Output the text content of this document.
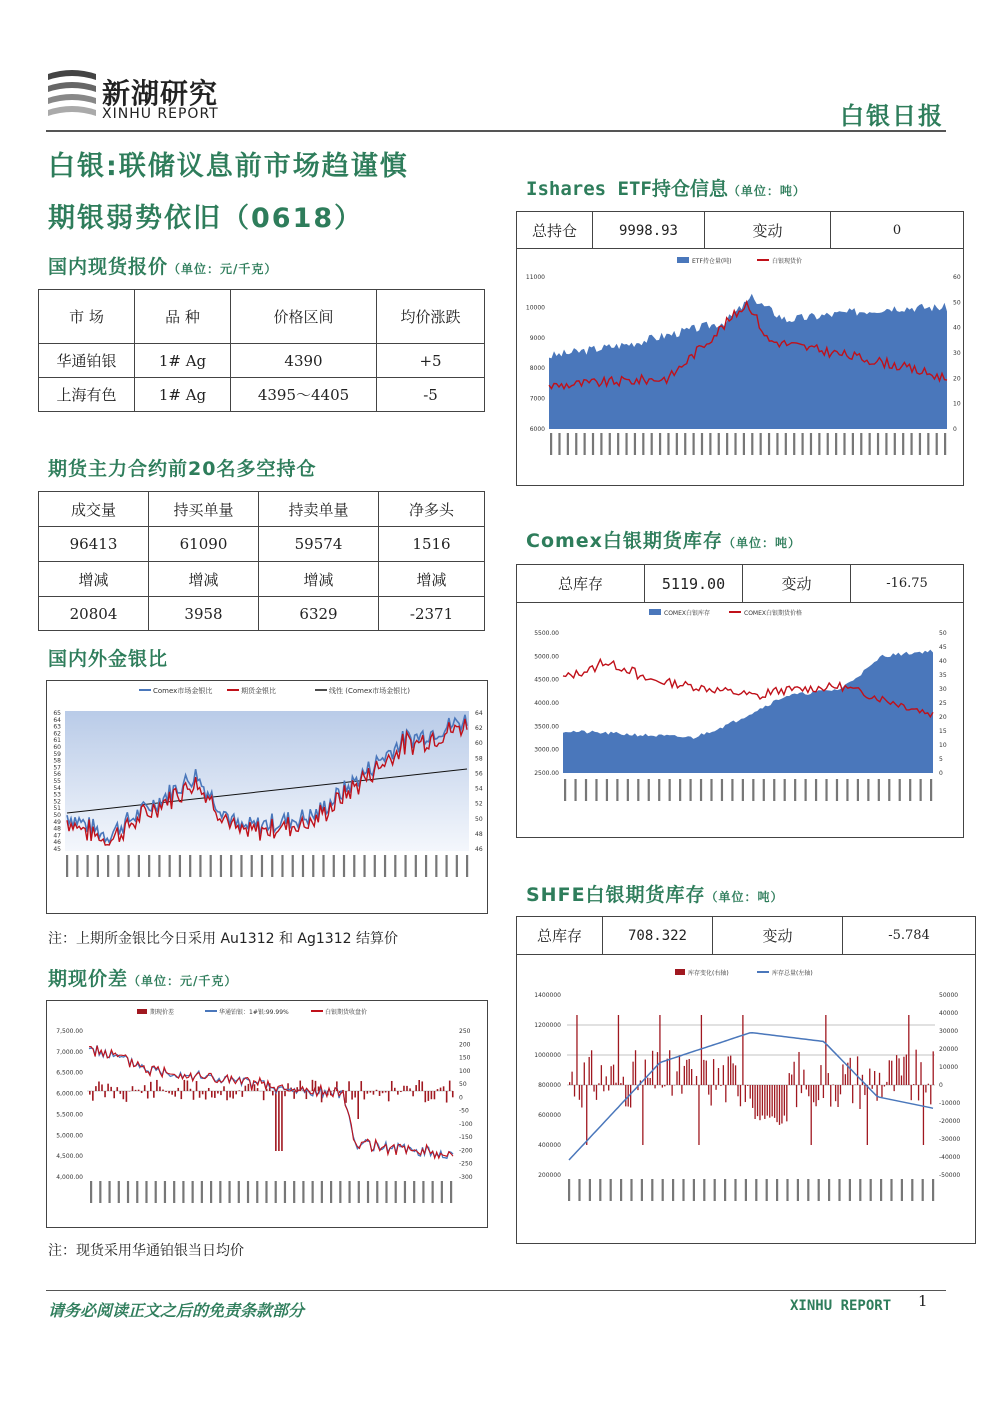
新湖研究
XINHU REPORT	白银日报
白银:联储议息前市场趋谨慎
期银弱势依旧（0618）
国内现货报价（单位：元/千克）
市 场	品 种	价格区间	均价涨跌
华通铂银	1# Ag	4390	+5
上海有色	1# Ag	4395～4405	-5
期货主力合约前20名多空持仓
成交量	持买单量	持卖单量	净多头
96413	61090	59574	1516
增减	增减	增减	增减
20804	3958	6329	-2371
国内外金银比
Comex市场金银比	期货金银比	线性 (Comex市场金银比)
65
64
63
62
61
60
59
58
57
56
55
54
53
52
51
50
49
48
47
46
45
64
62
60
58
56
54
52
50
48
46
注：上期所金银比今日采用 Au1312 和 Ag1312 结算价
期现价差（单位：元/千克）
期现价差	华通铂银：1#银:99.99%	白银期货收盘价
7,500.00
7,000.00
6,500.00
6,000.00
5,500.00
5,000.00
4,500.00
4,000.00
250
200
150
100
50
0
-50
-100
-150
-200
-250
-300
注：现货采用华通铂银当日均价
Ishares ETF持仓信息（单位：吨）
总持仓	9998.93	变动	0
ETF持仓量(吨)	白银现货价
11000
10000
9000
8000
7000
6000
60
50
40
30
20
10
0
Comex白银期货库存（单位：吨）
总库存	5119.00	变动	-16.75
COMEX白银库存	COMEX白银期货价格
5500.00
5000.00
4500.00
4000.00
3500.00
3000.00
2500.00
50
45
40
35
30
25
20
15
10
5
0
SHFE白银期货库存（单位：吨）
总库存	708.322	变动	-5.784
库存变化(右轴)	库存总量(左轴)
1400000
1200000
1000000
800000
600000
400000
200000
50000
40000
30000
20000
10000
0
-10000
-20000
-30000
-40000
-50000
请务必阅读正文之后的免责条款部分	XINHU REPORT 1
